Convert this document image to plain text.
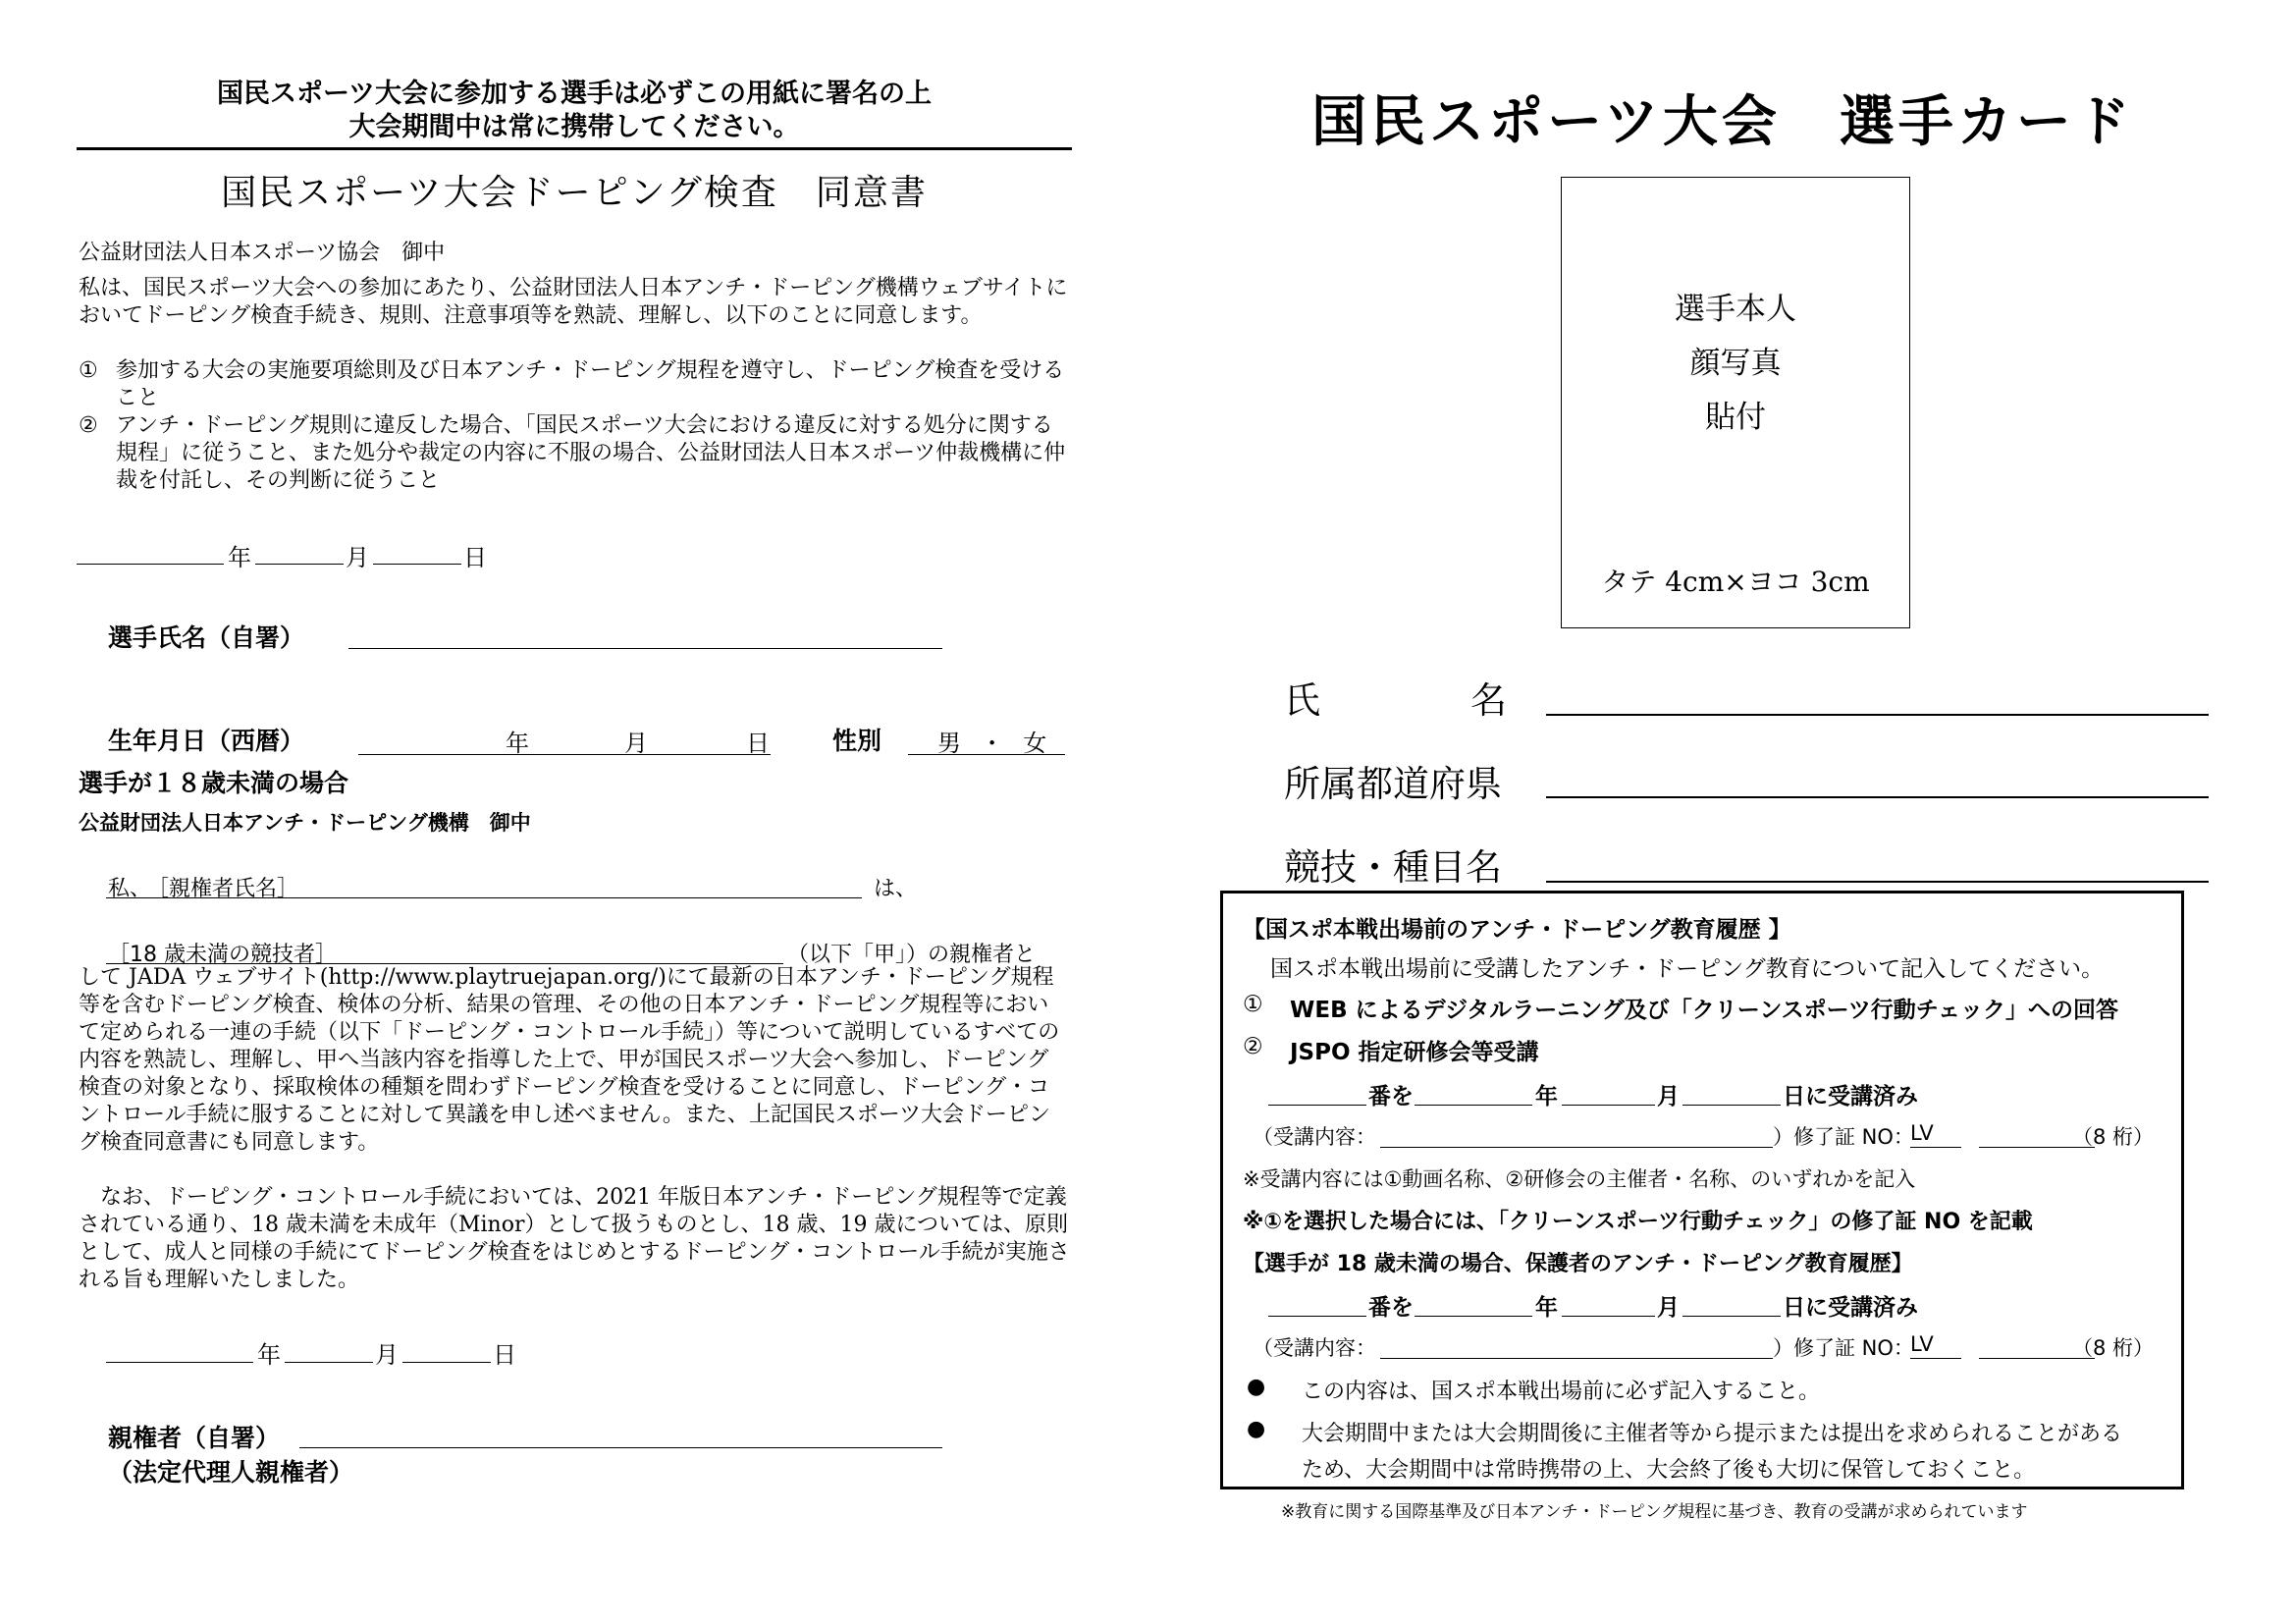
国民スポーツ大会に参加する選手は必ずこの用紙に署名の上
大会期間中は常に携帯してください。
国民スポーツ大会ドーピング検査　同意書
公益財団法人日本スポーツ協会　御中
私は、国民スポーツ大会への参加にあたり、公益財団法人日本アンチ・ドーピング機構ウェブサイトにおいてドーピング検査手続き、規則、注意事項等を熟読、理解し、以下のことに同意します。
① 参加する大会の実施要項総則及び日本アンチ・ドーピング規程を遵守し、ドーピング検査を受けること
② アンチ・ドーピング規則に違反した場合、「国民スポーツ大会における違反に対する処分に関する規程」に従うこと、また処分や裁定の内容に不服の場合、公益財団法人日本スポーツ仲裁機構に仲裁を付託し、その判断に従うこと
年	月	日
選手氏名（自署）
生年月日（西暦）	年	月	日	性別 男 ・ 女
選手が１８歳未満の場合
公益財団法人日本アンチ・ドーピング機構　御中
私、
［親権者氏名］	は、
［18 歳未満の競技者］	（以下「甲」）の親権者と
して JADA ウェブサイト(http://www.playtruejapan.org/)にて最新の日本アンチ・ドーピング規程等を含むドーピング検査、検体の分析、結果の管理、その他の日本アンチ・ドーピング規程等において定められる一連の手続（以下「ドーピング・コントロール手続」）等について説明しているすべての内容を熟読し、理解し、甲へ当該内容を指導した上で、甲が国民スポーツ大会へ参加し、ドーピング検査の対象となり、採取検体の種類を問わずドーピング検査を受けることに同意し、ドーピング・コントロール手続に服することに対して異議を申し述べません。また、上記国民スポーツ大会ドーピング検査同意書にも同意します。
　なお、ドーピング・コントロール手続においては、2021 年版日本アンチ・ドーピング規程等で定義されている通り、18 歳未満を未成年（Minor）として扱うものとし、18 歳、19 歳については、原則として、成人と同様の手続にてドーピング検査をはじめとするドーピング・コントロール手続が実施される旨も理解いたしました。
年	月	日
親権者（自署）
（法定代理人親権者）
国民スポーツ大会　選手カード
選手本人
顔写真
貼付
タテ 4cm×ヨコ 3cm
氏	名
所属都道府県
競技・種目名
【国スポ本戦出場前のアンチ・ドーピング教育履歴 】
国スポ本戦出場前に受講したアンチ・ドーピング教育について記入してください。
① WEB によるデジタルラーニング及び「クリーンスポーツ行動チェック」への回答
② JSPO 指定研修会等受講
番を	年	月	日に受講済み
（受講内容：	）修了証 NO：
LV	（8 桁）
※受講内容には①動画名称、②研修会の主催者・名称、のいずれかを記入
※①を選択した場合には、「クリーンスポーツ行動チェック」の修了証 NO を記載
【選手が 18 歳未満の場合、保護者のアンチ・ドーピング教育履歴】
番を	年	月	日に受講済み
（受講内容：	）修了証 NO：
LV	（8 桁）
● この内容は、国スポ本戦出場前に必ず記入すること。
● 大会期間中または大会期間後に主催者等から提示または提出を求められることがある
ため、大会期間中は常時携帯の上、大会終了後も大切に保管しておくこと。
※教育に関する国際基準及び日本アンチ・ドーピング規程に基づき、教育の受講が求められています
